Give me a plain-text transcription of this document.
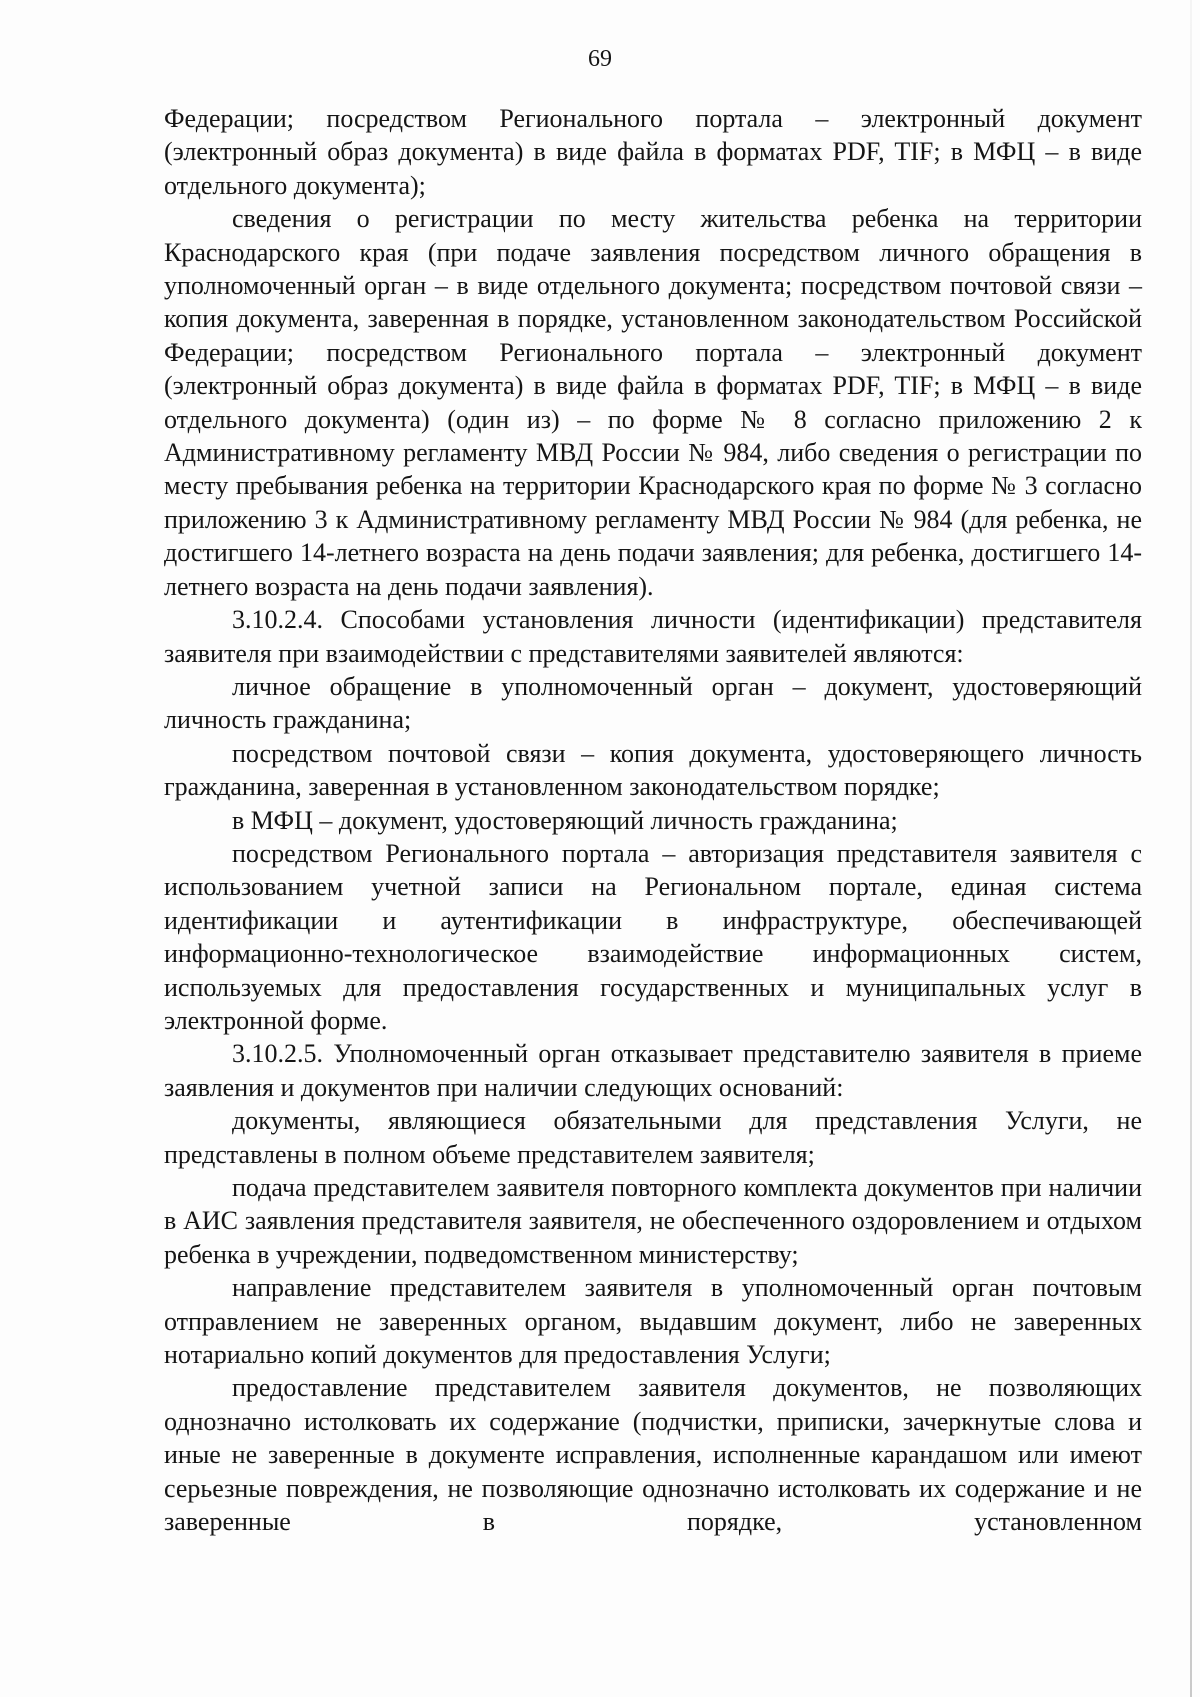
69

Федерации; посредством Регионального портала – электронный документ (электронный образ документа) в виде файла в форматах PDF, TIF; в МФЦ – в виде отдельного документа);

сведения о регистрации по месту жительства ребенка на территории Краснодарского края (при подаче заявления посредством личного обращения в уполномоченный орган – в виде отдельного документа; посредством почтовой связи – копия документа, заверенная в порядке, установленном законодательством Российской Федерации; посредством Регионального портала – электронный документ (электронный образ документа) в виде файла в форматах PDF, TIF; в МФЦ – в виде отдельного документа) (один из) – по форме № 8 согласно приложению 2 к Административному регламенту МВД России № 984, либо сведения о регистрации по месту пребывания ребенка на территории Краснодарского края по форме № 3 согласно приложению 3 к Административному регламенту МВД России № 984 (для ребенка, не достигшего 14-летнего возраста на день подачи заявления; для ребенка, достигшего 14-летнего возраста на день подачи заявления).

3.10.2.4. Способами установления личности (идентификации) представителя заявителя при взаимодействии с представителями заявителей являются:

личное обращение в уполномоченный орган – документ, удостоверяющий личность гражданина;

посредством почтовой связи – копия документа, удостоверяющего личность гражданина, заверенная в установленном законодательством порядке;

в МФЦ – документ, удостоверяющий личность гражданина;

посредством Регионального портала – авторизация представителя заявителя с использованием учетной записи на Региональном портале, единая система идентификации и аутентификации в инфраструктуре, обеспечивающей информационно-технологическое взаимодействие информационных систем, используемых для предоставления государственных и муниципальных услуг в электронной форме.

3.10.2.5. Уполномоченный орган отказывает представителю заявителя в приеме заявления и документов при наличии следующих оснований:

документы, являющиеся обязательными для представления Услуги, не представлены в полном объеме представителем заявителя;

подача представителем заявителя повторного комплекта документов при наличии в АИС заявления представителя заявителя, не обеспеченного оздоровлением и отдыхом ребенка в учреждении, подведомственном министерству;

направление представителем заявителя в уполномоченный орган почтовым отправлением не заверенных органом, выдавшим документ, либо не заверенных нотариально копий документов для предоставления Услуги;

предоставление представителем заявителя документов, не позволяющих однозначно истолковать их содержание (подчистки, приписки, зачеркнутые слова и иные не заверенные в документе исправления, исполненные карандашом или имеют серьезные повреждения, не позволяющие однозначно истолковать их содержание и не заверенные в порядке, установленном
